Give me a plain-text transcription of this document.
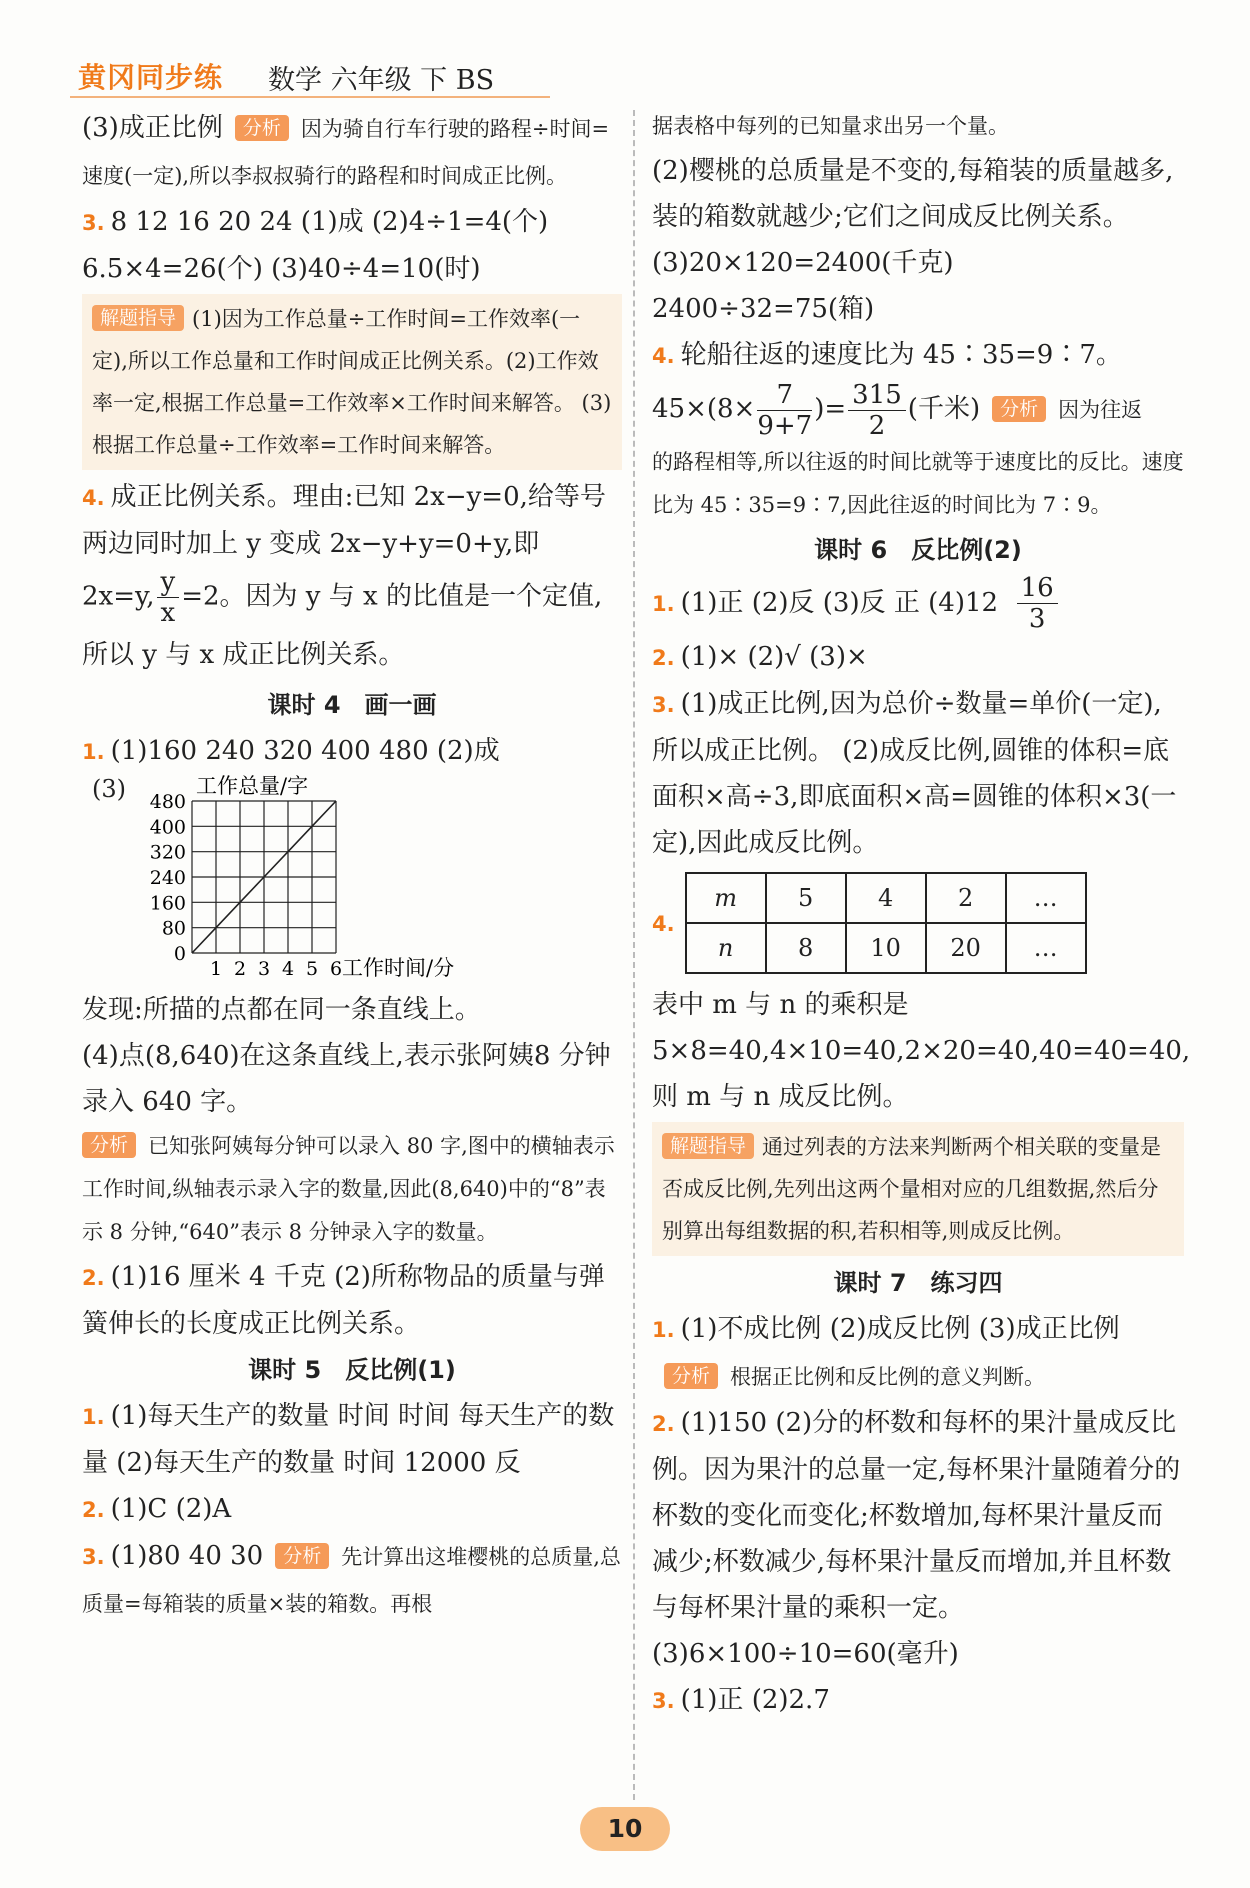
黄冈同步练 数学 六年级 下 BS
(3)成正比例 分析 因为骑自行车行驶的路程÷时间=速度(一定),所以李叔叔骑行的路程和时间成正比例。
3. 8 12 16 20 24 (1)成 (2)4÷1=4(个) 6.5×4=26(个) (3)40÷4=10(时)
解题指导 (1)因为工作总量÷工作时间=工作效率(一定),所以工作总量和工作时间成正比例关系。(2)工作效率一定,根据工作总量=工作效率×工作时间来解答。 (3)根据工作总量÷工作效率=工作时间来解答。
4. 成正比例关系。理由:已知 2x−y=0,给等号两边同时加上 y 变成 2x−y+y=0+y,即
2x=y, $\frac{y}{x} =2$。因为 y 与 x 的比值是一个定值,所以 y 与 x 成正比例关系。
课时 4　画一画
1. (1)160 240 320 400 480 (2)成
(3)
0
80
160
240
320
400
480
1 2 3 4 5 6
工作总量/字
工作时间/分
发现:所描的点都在同一条直线上。
(4)点(8,640)在这条直线上,表示张阿姨8 分钟录入 640 字。
分析 已知张阿姨每分钟可以录入 80 字,图中的横轴表示工作时间,纵轴表示录入字的数量,因此(8,640)中的“8”表示 8 分钟,“640”表示 8 分钟录入字的数量。
2. (1)16 厘米 4 千克 (2)所称物品的质量与弹簧伸长的长度成正比例关系。
课时 5　反比例(1)
1. (1)每天生产的数量 时间 时间 每天生产的数量 (2)每天生产的数量 时间 12000 反
2. (1)C (2)A
3. (1)80 40 30 分析 先计算出这堆樱桃的总质量,总质量=每箱装的质量×装的箱数。再根
据表格中每列的已知量求出另一个量。
(2)樱桃的总质量是不变的,每箱装的质量越多,装的箱数就越少;它们之间成反比例关系。 (3)20×120=2400(千克) 2400÷32=75(箱)
4. 轮船往返的速度比为 45∶35=9∶7。
$45\times(8\times \frac{7}{9+7}$ )= $\frac{315}{2}$ (千米) 分析 因为往返
的路程相等,所以往返的时间比就等于速度比的反比。速度比为 45∶35=9∶7,因此往返的时间比为 7∶9。
课时 6　反比例(2)
1. (1)正 (2)反 (3)反 正 $(4)12 \frac{16}{3}$
2. (1)× (2)√ (3)×
3. (1)成正比例,因为总价÷数量=单价(一定),所以成正比例。 (2)成反比例,圆锥的体积=底面积×高÷3,即底面积×高=圆锥的体积×3(一定),因此成反比例。
4.
m	5	4	2	…
n	8	10	20	…
表中 m 与 n 的乘积是 5×8=40,4×10=40,2×20=40,40=40=40,则 m 与 n 成反比例。
解题指导 通过列表的方法来判断两个相关联的变量是否成反比例,先列出这两个量相对应的几组数据,然后分别算出每组数据的积,若积相等,则成反比例。
课时 7　练习四
1. (1)不成比例 (2)成反比例 (3)成正比例分析 根据正比例和反比例的意义判断。
2. (1)150 (2)分的杯数和每杯的果汁量成反比例。因为果汁的总量一定,每杯果汁量随着分的杯数的变化而变化;杯数增加,每杯果汁量反而减少;杯数减少,每杯果汁量反而增加,并且杯数与每杯果汁量的乘积一定。 (3)6×100÷10=60(毫升)
3. (1)正 (2)2.7
10
